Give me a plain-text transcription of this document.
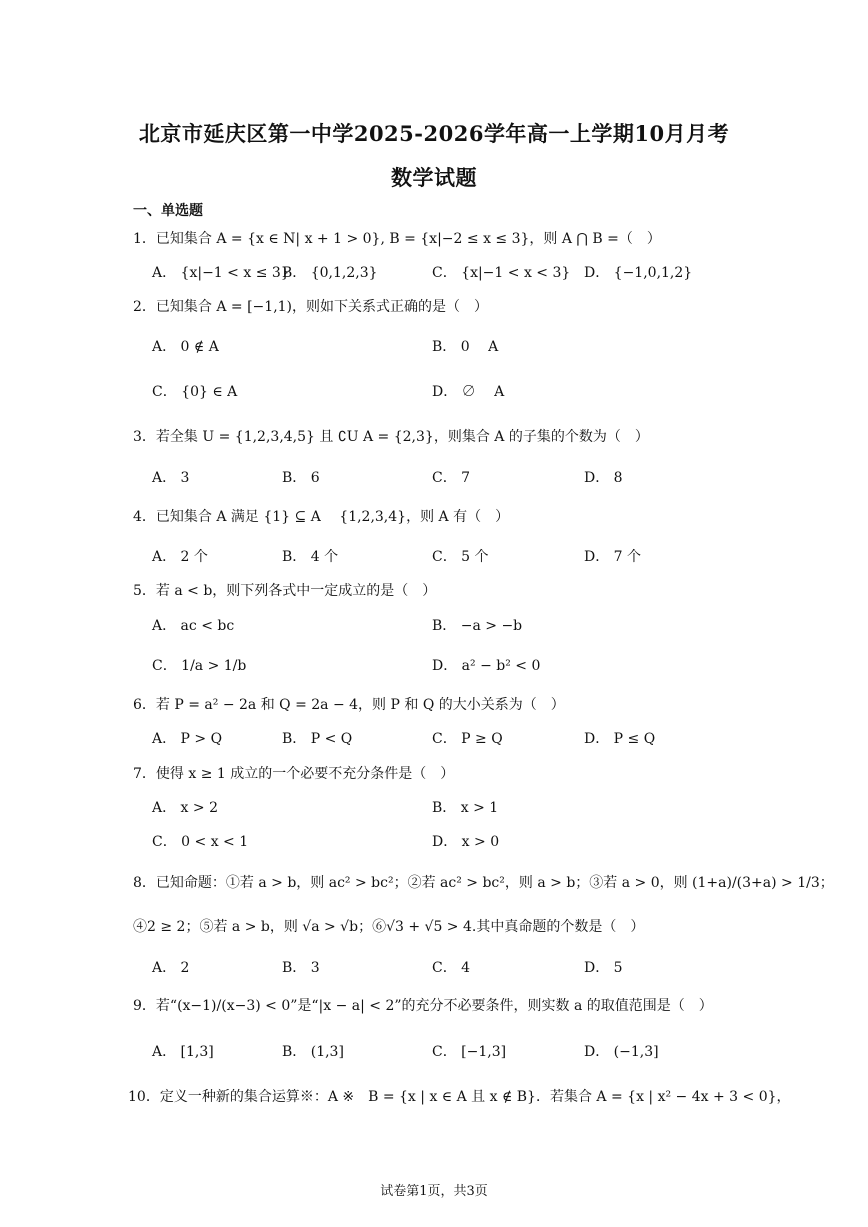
北京市延庆区第一中学2025-2026学年高一上学期10月月考
数学试题
一、单选题
1．已知集合 A = {x ∈ N| x + 1 > 0}, B = {x|−2 ≤ x ≤ 3}，则 A ⋂ B =（　）
A． {x|−1 < x ≤ 3}
B． {0,1,2,3}	C． {x|−1 < x < 3} D． {−1,0,1,2}
2．已知集合 A = [−1,1)，则如下关系式正确的是（　）
A． 0 ∉ A	B． 0　 A
C． {0} ∈ A	D． ∅　 A
3．若全集 U = {1,2,3,4,5} 且 ∁U A = {2,3}，则集合 A 的子集的个数为（　）
A． 3	B． 6	C． 7	D． 8
4．已知集合 A 满足 {1} ⊆ A　 {1,2,3,4}，则 A 有（　）
A． 2 个	B． 4 个	C． 5 个	D． 7 个
5．若 a < b，则下列各式中一定成立的是（　）
A． ac < bc	B． −a > −b
C． 1/a > 1/b	D． a² − b² < 0
6．若 P = a² − 2a 和 Q = 2a − 4，则 P 和 Q 的大小关系为（　）
A． P > Q	B． P < Q	C． P ≥ Q	D． P ≤ Q
7．使得 x ≥ 1 成立的一个必要不充分条件是（　）
A． x > 2	B． x > 1
C． 0 < x < 1	D． x > 0
8．已知命题：①若 a > b，则 ac² > bc²；②若 ac² > bc²，则 a > b；③若 a > 0，则 (1+a)/(3+a) > 1/3；
④2 ≥ 2；⑤若 a > b，则 √a > √b；⑥√3 + √5 > 4.其中真命题的个数是（　）
A． 2	B． 3	C． 4	D． 5
9．若“(x−1)/(x−3) < 0”是“|x − a| < 2”的充分不必要条件，则实数 a 的取值范围是（　）
A． [1,3]	B． (1,3]	C． [−1,3]	D． (−1,3]
10．定义一种新的集合运算※：A ※　B = {x | x ∈ A 且 x ∉ B}．若集合 A = {x | x² − 4x + 3 < 0}，
试卷第1页，共3页
